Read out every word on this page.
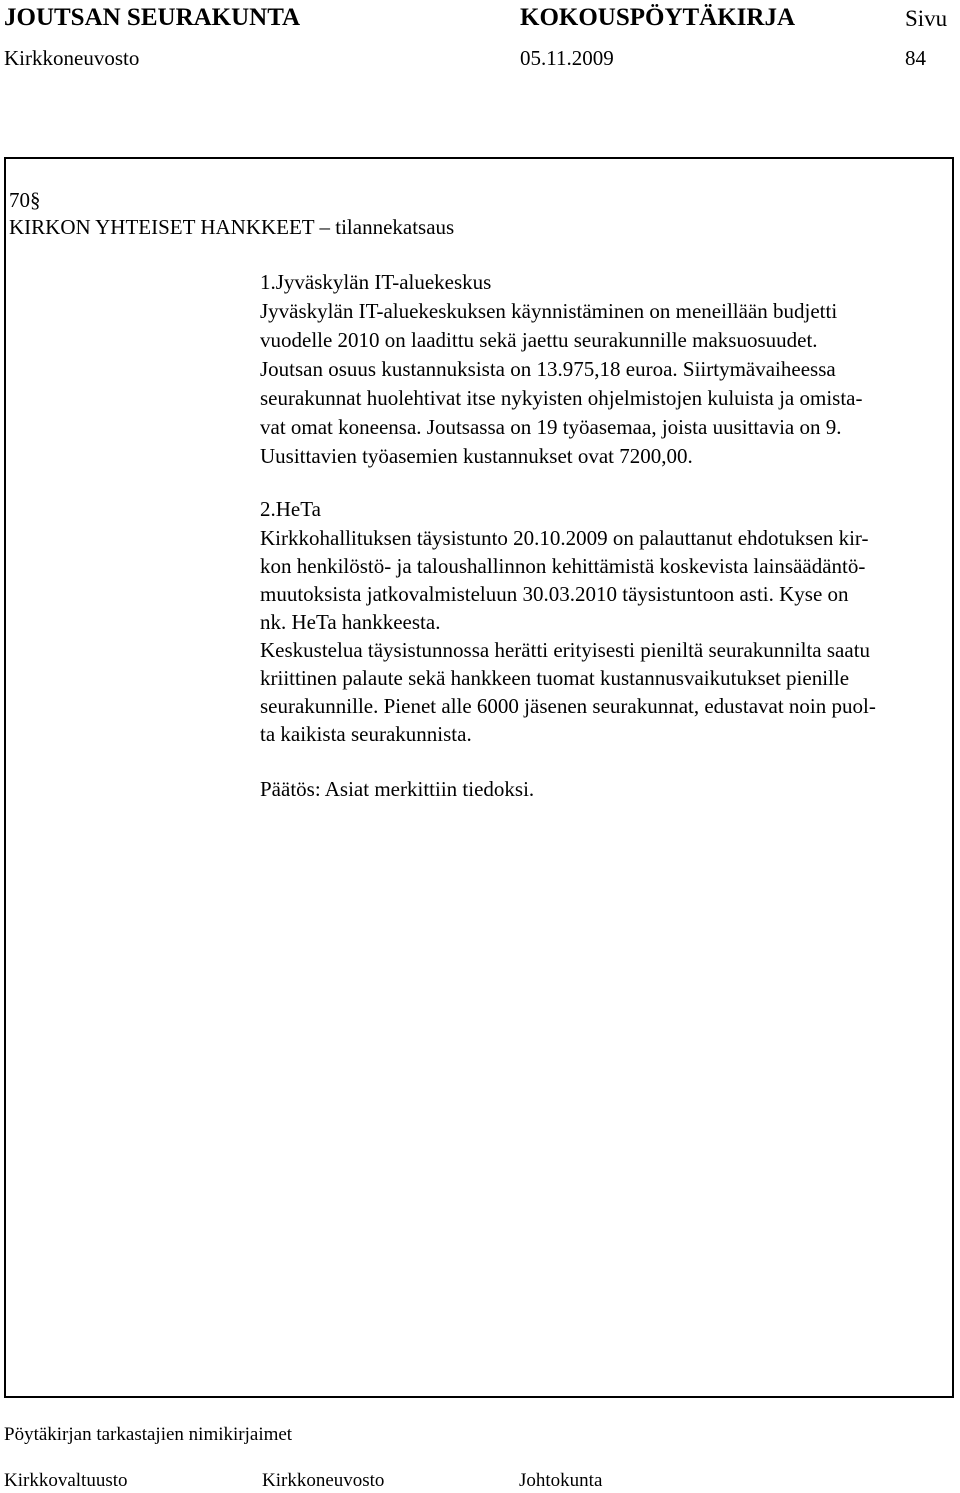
JOUTSAN SEURAKUNTA	KOKOUSPÖYTÄKIRJA	Sivu
Kirkkoneuvosto	05.11.2009	84
70§
KIRKON YHTEISET HANKKEET – tilannekatsaus
1.Jyväskylän IT-aluekeskus
Jyväskylän IT-aluekeskuksen käynnistäminen on meneillään budjetti
vuodelle 2010 on laadittu sekä jaettu seurakunnille maksuosuudet.
Joutsan osuus kustannuksista on 13.975,18 euroa. Siirtymävaiheessa
seurakunnat huolehtivat itse nykyisten ohjelmistojen kuluista ja omista-
vat omat koneensa. Joutsassa on 19 työasemaa, joista uusittavia on 9.
Uusittavien työasemien kustannukset ovat 7200,00.
2.HeTa
Kirkkohallituksen täysistunto 20.10.2009 on palauttanut ehdotuksen kir-
kon henkilöstö- ja taloushallinnon kehittämistä koskevista lainsäädäntö-
muutoksista jatkovalmisteluun 30.03.2010 täysistuntoon asti. Kyse on
nk. HeTa hankkeesta.
Keskustelua täysistunnossa herätti erityisesti pieniltä seurakunnilta saatu
kriittinen palaute sekä hankkeen tuomat kustannusvaikutukset pienille
seurakunnille. Pienet alle 6000 jäsenen seurakunnat, edustavat noin puol-
ta kaikista seurakunnista.
Päätös: Asiat merkittiin tiedoksi.
Pöytäkirjan tarkastajien nimikirjaimet
Kirkkovaltuusto	Kirkkoneuvosto	Johtokunta
